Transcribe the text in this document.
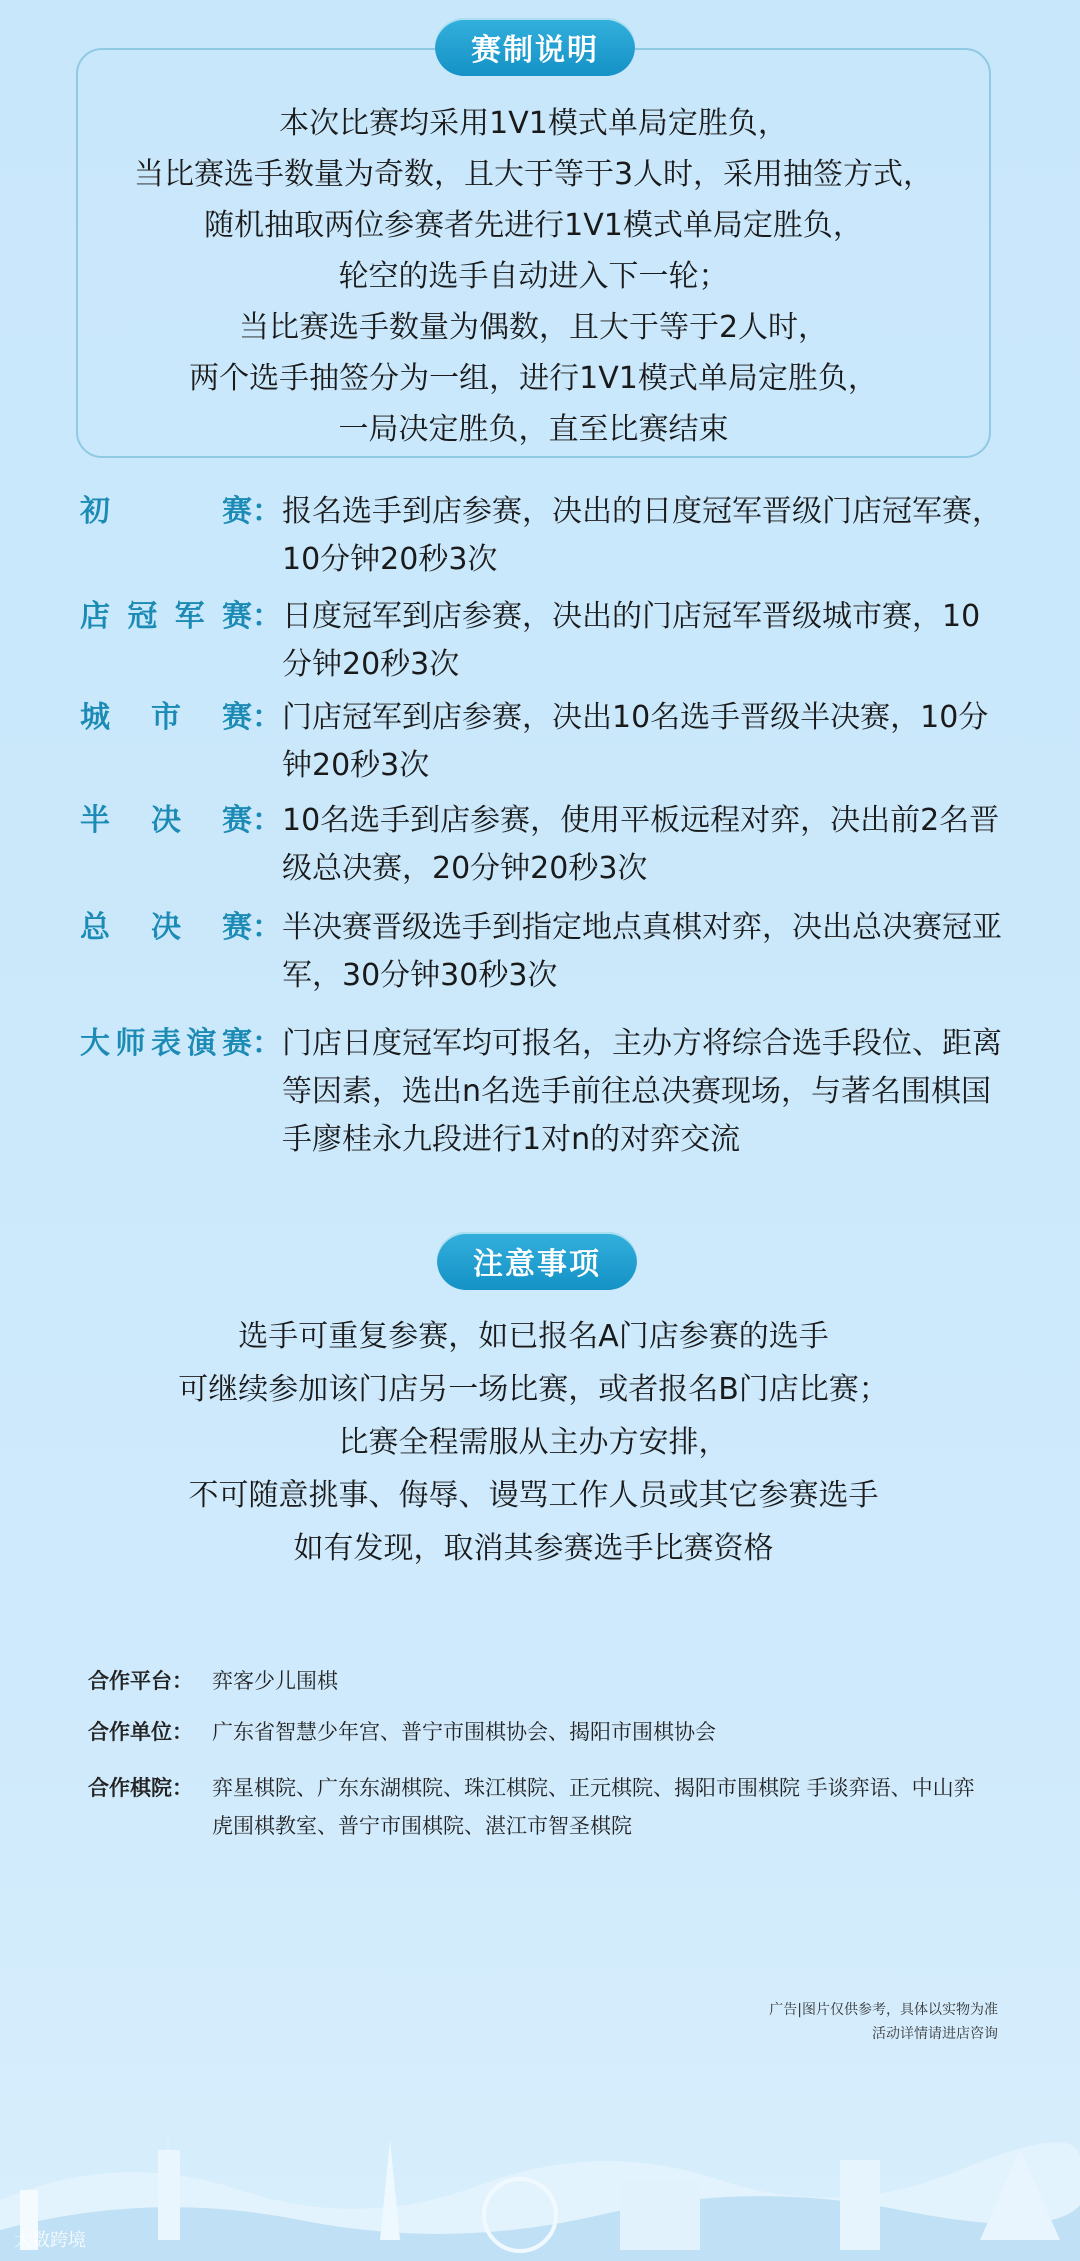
赛制说明
本次比赛均采用1V1模式单局定胜负，
当比赛选手数量为奇数，且大于等于3人时，采用抽签方式，
随机抽取两位参赛者先进行1V1模式单局定胜负，
轮空的选手自动进入下一轮；
当比赛选手数量为偶数，且大于等于2人时，
两个选手抽签分为一组，进行1V1模式单局定胜负，
一局决定胜负，直至比赛结束
初	赛 ： 报名选手到店参赛，决出的日度冠军晋级门店冠军赛，10分钟20秒3次
店 冠 军 赛 ： 日度冠军到店参赛，决出的门店冠军晋级城市赛，10分钟20秒3次
城 市 赛 ： 门店冠军到店参赛，决出10名选手晋级半决赛，10分钟20秒3次
半 决 赛 ： 10名选手到店参赛，使用平板远程对弈，决出前2名晋级总决赛，20分钟20秒3次
总 决 赛 ： 半决赛晋级选手到指定地点真棋对弈，决出总决赛冠亚军，30分钟30秒3次
大 师 表 演 赛 ： 门店日度冠军均可报名，主办方将综合选手段位、距离等因素，选出n名选手前往总决赛现场，与著名围棋国手廖桂永九段进行1对n的对弈交流
注意事项
选手可重复参赛，如已报名A门店参赛的选手
可继续参加该门店另一场比赛，或者报名B门店比赛；
比赛全程需服从主办方安排，
不可随意挑事、侮辱、谩骂工作人员或其它参赛选手
如有发现，取消其参赛选手比赛资格
合作平台： 弈客少儿围棋
合作单位： 广东省智慧少年宫、普宁市围棋协会、揭阳市围棋协会
合作棋院： 弈星棋院、广东东湖棋院、珠江棋院、正元棋院、揭阳市围棋院 手谈弈语、中山弈虎围棋教室、普宁市围棋院、湛江市智圣棋院
广告|图片仅供参考，具体以实物为准
活动详情请进店咨询
大数跨境
